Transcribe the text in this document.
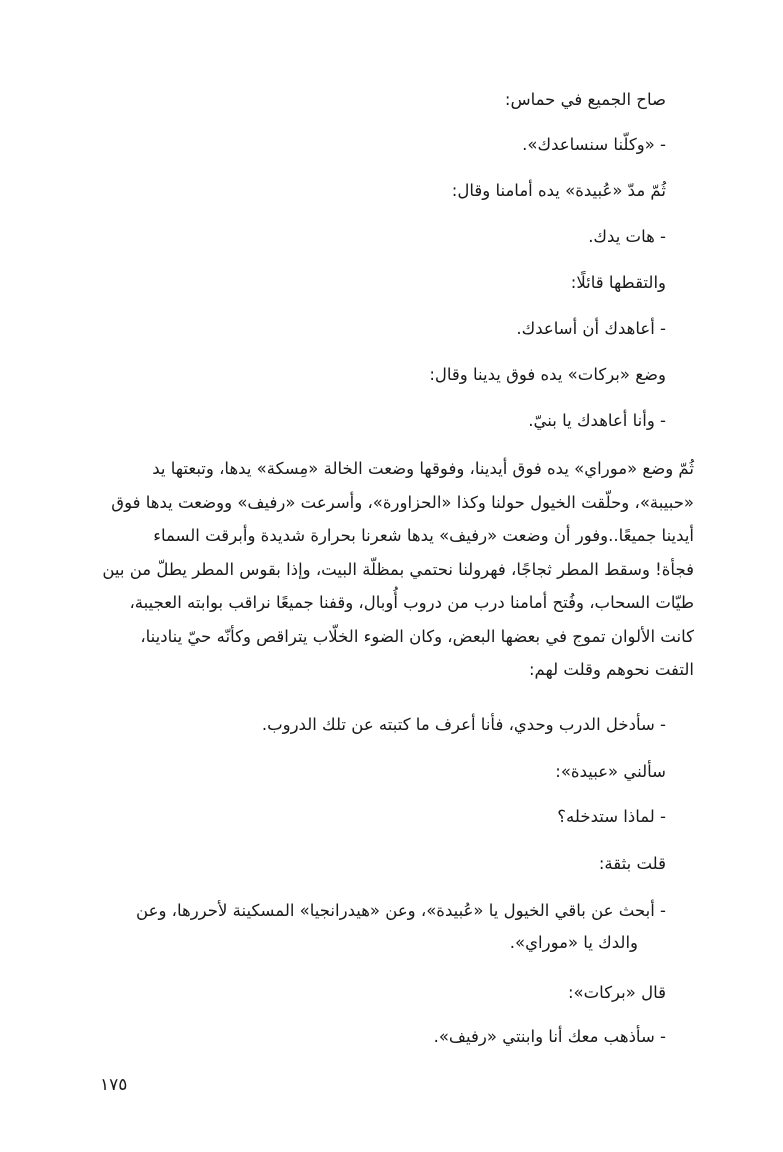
صاح الجميع في حماس:
- «وكلّنا سنساعدك».
ثُمّ مدّ «عُبيدة» يده أمامنا وقال:
- هات يدك.
والتقطها قائلًا:
- أعاهدك أن أساعدك.
وضع «بركات» يده فوق يدينا وقال:
- وأنا أعاهدك يا بنيّ.
ثُمّ وضع «موراي» يده فوق أيدينا، وفوقها وضعت الخالة «مِسكة» يدها، وتبعتها يد
«حبيبة»، وحلّقت الخيول حولنا وكذا «الحزاورة»، وأسرعت «رفيف» ووضعت يدها فوق
أيدينا جميعًا..وفور أن وضعت «رفيف» يدها شعرنا بحرارة شديدة وأبرقت السماء
فجأة! وسقط المطر ثجاجًا، فهرولنا نحتمي بمظلّة البيت، وإذا بقوس المطر يطلّ من بين
طيّات السحاب، وفُتح أمامنا درب من دروب أُوبال، وقفنا جميعًا نراقب بوابته العجيبة،
كانت الألوان تموج في بعضها البعض، وكان الضوء الخلّاب يتراقص وكأنّه حيّ ينادينا،
التفت نحوهم وقلت لهم:
- سأدخل الدرب وحدي، فأنا أعرف ما كتبته عن تلك الدروب.
سألني «عبيدة»:
- لماذا ستدخله؟
قلت بثقة:
- أبحث عن باقي الخيول يا «عُبيدة»، وعن «هيدرانجيا» المسكينة لأحررها، وعن
والدك يا «موراي».
قال «بركات»:
- سأذهب معك أنا وابنتي «رفيف».
١٧٥
